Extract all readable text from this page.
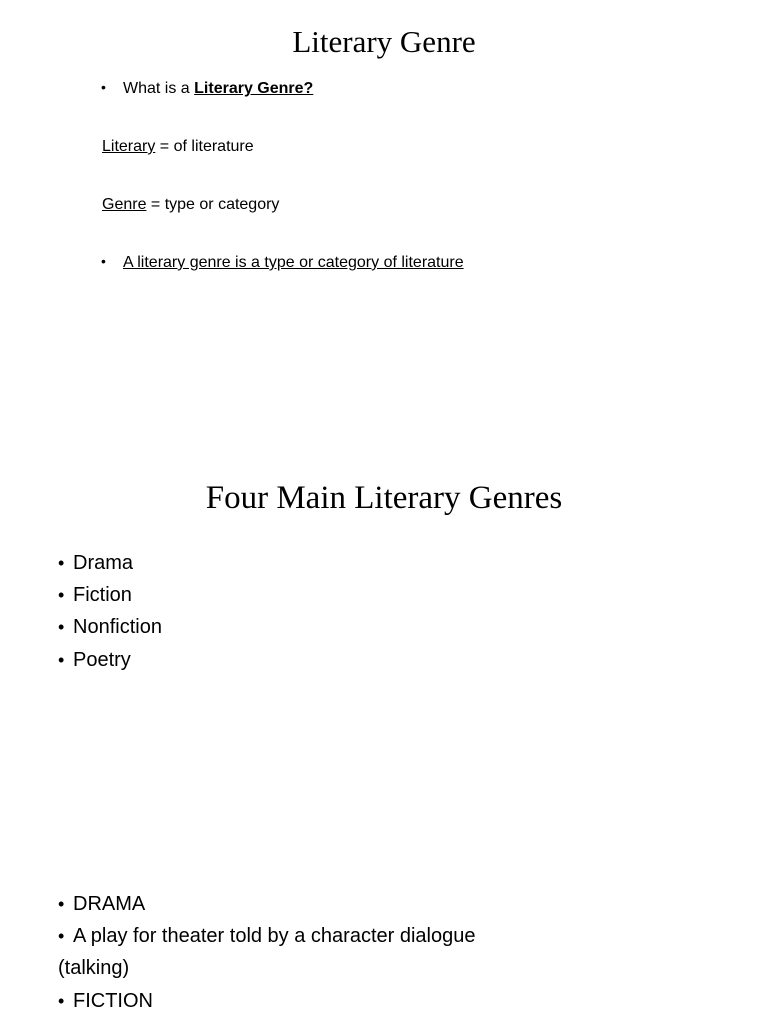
Literary Genre
• What is a Literary Genre?
Literary = of literature
Genre = type or category
• A literary genre is a type or category of literature
Four Main Literary Genres
• Drama
• Fiction
• Nonfiction
• Poetry
• DRAMA
• A play for theater told by a character dialogue
(talking)
• FICTION
